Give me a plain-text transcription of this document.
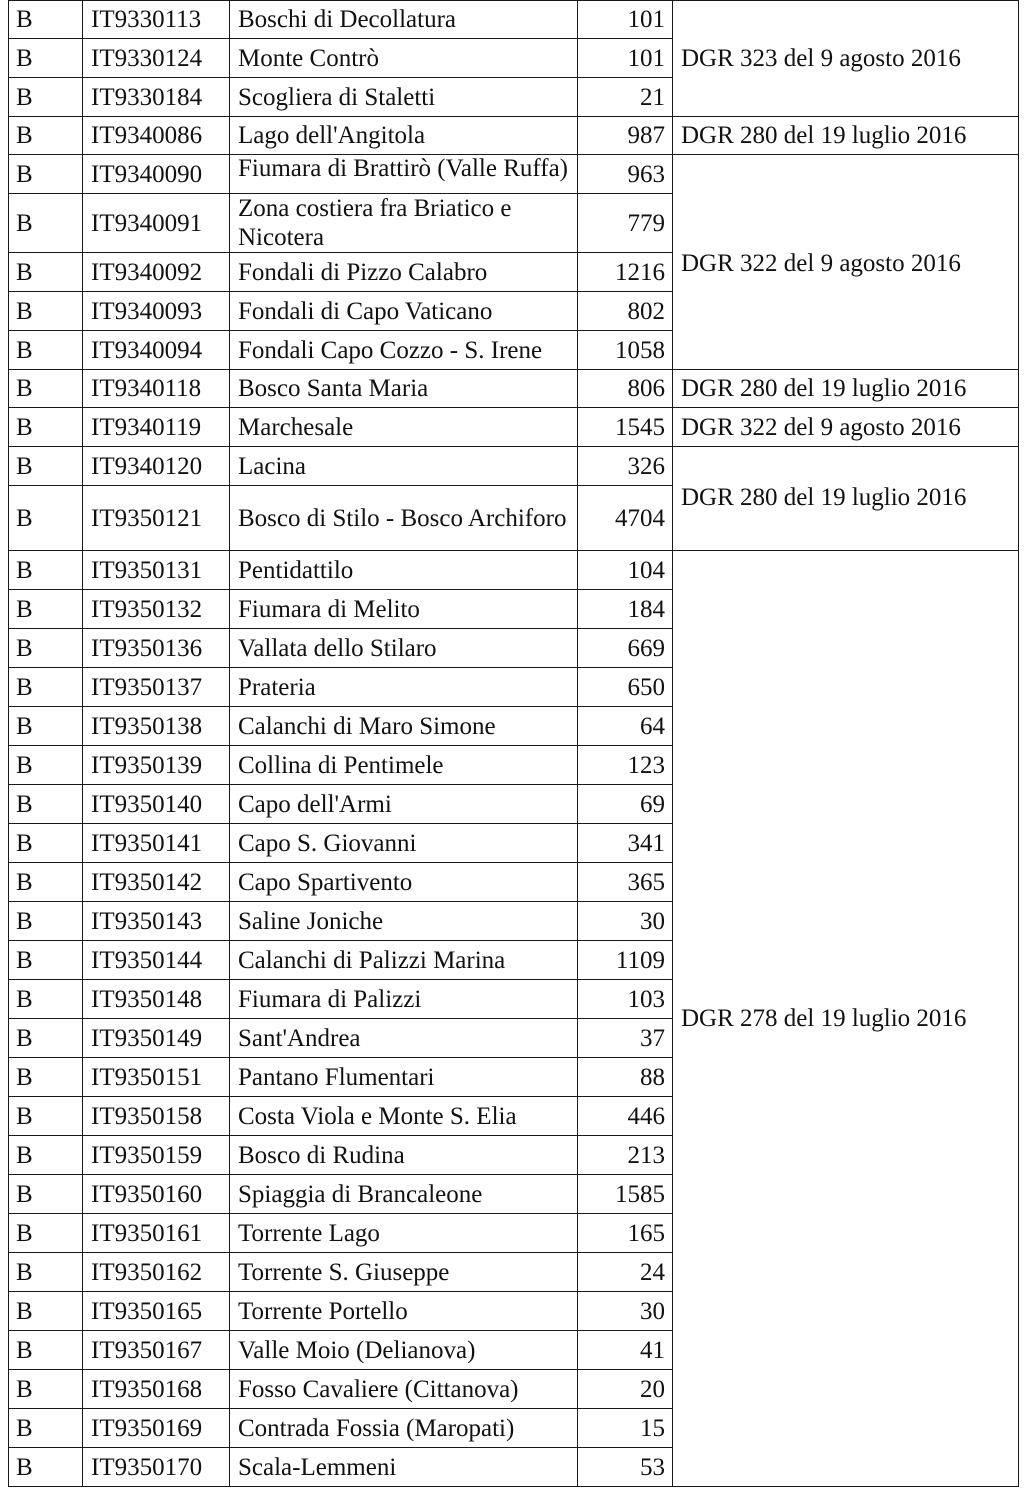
B	IT9330113	Boschi di Decollatura	101	DGR 323 del 9 agosto 2016
B	IT9330124	Monte Contrò	101	
B	IT9330184	Scogliera di Staletti	21	
B	IT9340086	Lago dell'Angitola	987	DGR 280 del 19 luglio 2016
B	IT9340090	Fiumara di Brattirò (Valle Ruffa)	963	DGR 322 del 9 agosto 2016
B	IT9340091	Zona costiera fra Briatico e Nicotera	779	
B	IT9340092	Fondali di Pizzo Calabro	1216	
B	IT9340093	Fondali di Capo Vaticano	802	
B	IT9340094	Fondali Capo Cozzo - S. Irene	1058	
B	IT9340118	Bosco Santa Maria	806	DGR 280 del 19 luglio 2016
B	IT9340119	Marchesale	1545	DGR 322 del 9 agosto 2016
B	IT9340120	Lacina	326	DGR 280 del 19 luglio 2016
B	IT9350121	Bosco di Stilo - Bosco Archiforo	4704	
B	IT9350131	Pentidattilo	104	DGR 278 del 19 luglio 2016
B	IT9350132	Fiumara di Melito	184	
B	IT9350136	Vallata dello Stilaro	669	
B	IT9350137	Prateria	650	
B	IT9350138	Calanchi di Maro Simone	64	
B	IT9350139	Collina di Pentimele	123	
B	IT9350140	Capo dell'Armi	69	
B	IT9350141	Capo S. Giovanni	341	
B	IT9350142	Capo Spartivento	365	
B	IT9350143	Saline Joniche	30	
B	IT9350144	Calanchi di Palizzi Marina	1109	
B	IT9350148	Fiumara di Palizzi	103	
B	IT9350149	Sant'Andrea	37	
B	IT9350151	Pantano Flumentari	88	
B	IT9350158	Costa Viola e Monte S. Elia	446	
B	IT9350159	Bosco di Rudina	213	
B	IT9350160	Spiaggia di Brancaleone	1585	
B	IT9350161	Torrente Lago	165	
B	IT9350162	Torrente S. Giuseppe	24	
B	IT9350165	Torrente Portello	30	
B	IT9350167	Valle Moio (Delianova)	41	
B	IT9350168	Fosso Cavaliere (Cittanova)	20	
B	IT9350169	Contrada Fossia (Maropati)	15	
B	IT9350170	Scala-Lemmeni	53	
